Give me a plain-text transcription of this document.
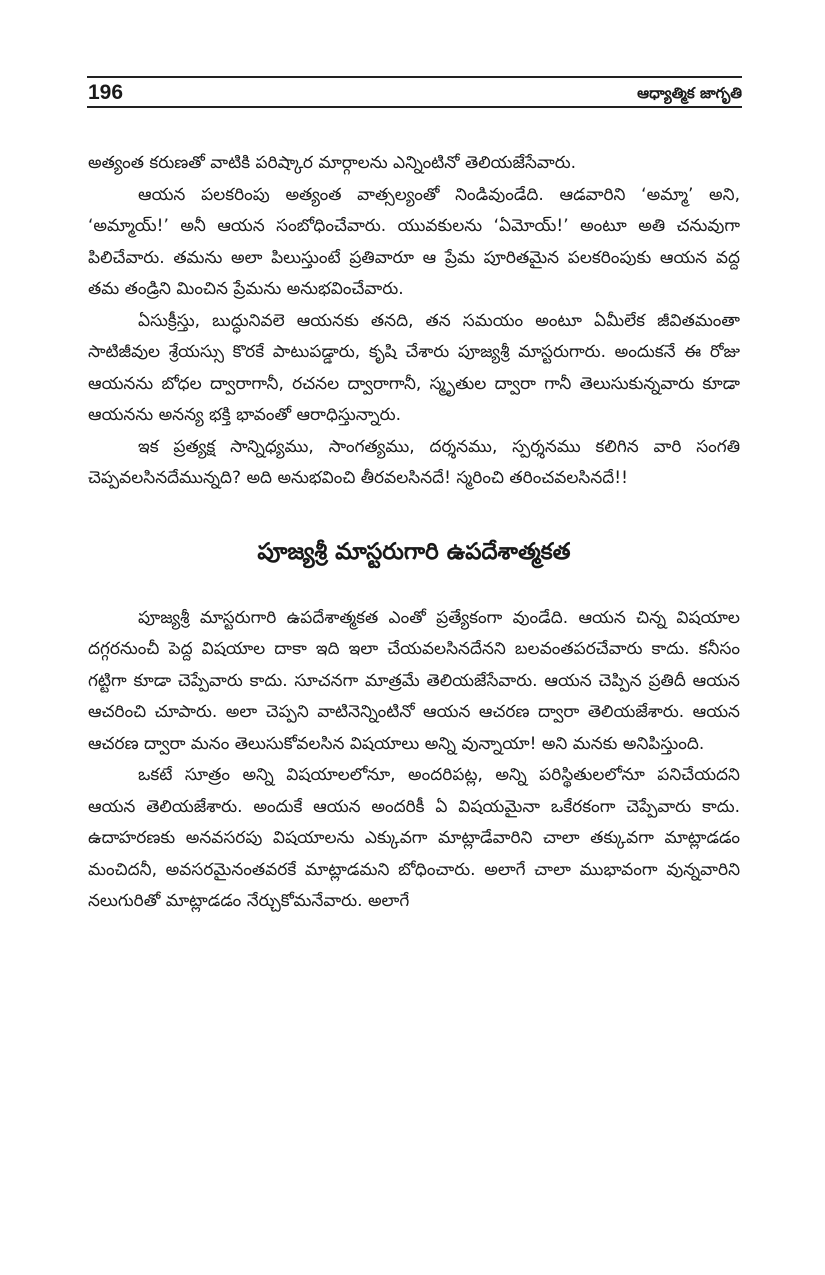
196	ఆధ్యాత్మిక జాగృతి

అత్యంత కరుణతో వాటికి పరిష్కార మార్గాలను ఎన్నింటినో తెలియజేసేవారు.

ఆయన పలకరింపు అత్యంత వాత్సల్యంతో నిండివుండేది. ఆడవారిని ‘అమ్మా’ అని, ‘అమ్మాయ్!’ అనీ ఆయన సంబోధించేవారు. యువకులను ‘ఏమోయ్!’ అంటూ అతి చనువుగా పిలిచేవారు. తమను అలా పిలుస్తుంటే ప్రతివారూ ఆ ప్రేమ పూరితమైన పలకరింపుకు ఆయన వద్ద తమ తండ్రిని మించిన ప్రేమను అనుభవించేవారు.

ఏసుక్రీస్తు, బుద్ధునివలె ఆయనకు తనది, తన సమయం అంటూ ఏమీలేక జీవితమంతా సాటిజీవుల శ్రేయస్సు కొరకే పాటుపడ్డారు, కృషి చేశారు పూజ్యశ్రీ మాస్టరుగారు. అందుకనే ఈ రోజు ఆయనను బోధల ద్వారాగానీ, రచనల ద్వారాగానీ, స్మృతుల ద్వారా గానీ తెలుసుకున్నవారు కూడా ఆయనను అనన్య భక్తి భావంతో ఆరాధిస్తున్నారు.

ఇక ప్రత్యక్ష సాన్నిధ్యము, సాంగత్యము, దర్శనము, స్పర్శనము కలిగిన వారి సంగతి చెప్పవలసినదేమున్నది? అది అనుభవించి తీరవలసినదే! స్మరించి తరించవలసినదే!!

పూజ్యశ్రీ మాస్టరుగారి ఉపదేశాత్మకత

పూజ్యశ్రీ మాస్టరుగారి ఉపదేశాత్మకత ఎంతో ప్రత్యేకంగా వుండేది. ఆయన చిన్న విషయాల దగ్గరనుంచీ పెద్ద విషయాల దాకా ఇది ఇలా చేయవలసినదేనని బలవంతపరచేవారు కాదు. కనీసం గట్టిగా కూడా చెప్పేవారు కాదు. సూచనగా మాత్రమే తెలియజేసేవారు. ఆయన చెప్పిన ప్రతిదీ ఆయన ఆచరించి చూపారు. అలా చెప్పని వాటినెన్నింటినో ఆయన ఆచరణ ద్వారా తెలియజేశారు. ఆయన ఆచరణ ద్వారా మనం తెలుసుకోవలసిన విషయాలు అన్ని వున్నాయా! అని మనకు అనిపిస్తుంది.

ఒకటే సూత్రం అన్ని విషయాలలోనూ, అందరిపట్ల, అన్ని పరిస్థితులలోనూ పనిచేయదని ఆయన తెలియజేశారు. అందుకే ఆయన అందరికీ ఏ విషయమైనా ఒకేరకంగా చెప్పేవారు కాదు. ఉదాహరణకు అనవసరపు విషయాలను ఎక్కువగా మాట్లాడేవారిని చాలా తక్కువగా మాట్లాడడం మంచిదనీ, అవసరమైనంతవరకే మాట్లాడమని బోధించారు. అలాగే చాలా ముభావంగా వున్నవారిని నలుగురితో మాట్లాడడం నేర్చుకోమనేవారు. అలాగే
